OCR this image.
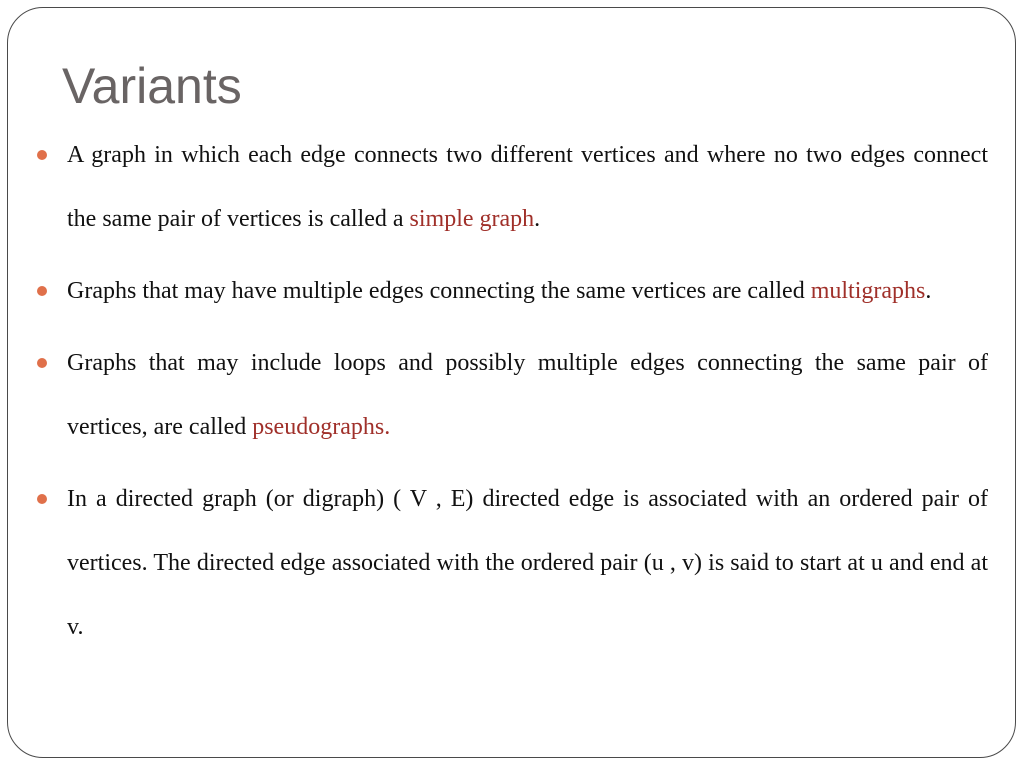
Variants
A graph in which each edge connects two different vertices and where no two edges connect the same pair of vertices is called a simple graph.
Graphs that may have multiple edges connecting the same vertices are called multigraphs.
Graphs that may include loops and possibly multiple edges connecting the same pair of vertices, are called pseudographs.
In a directed graph (or digraph) ( V , E) directed edge is associated with an ordered pair of vertices. The directed edge associated with the ordered pair (u , v) is said to start at u and end at v.
